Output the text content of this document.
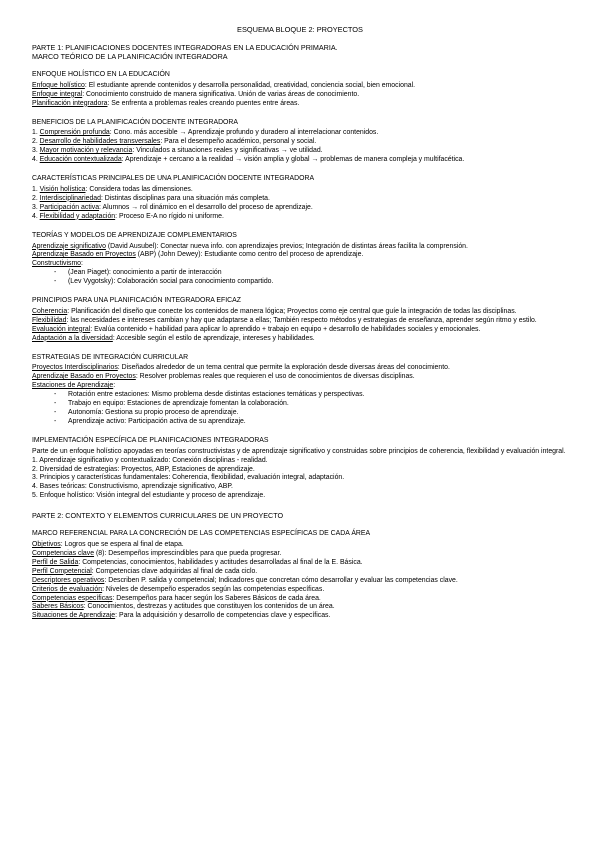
ESQUEMA BLOQUE 2: PROYECTOS

PARTE 1: PLANIFICACIONES DOCENTES INTEGRADORAS EN LA EDUCACIÓN PRIMARIA.

MARCO TEÓRICO DE LA PLANIFICACIÓN INTEGRADORA

ENFOQUE HOLÍSTICO EN LA EDUCACIÓN

Enfoque holístico: El estudiante aprende contenidos y desarrolla personalidad, creatividad, conciencia social, bien emocional.

Enfoque integral: Conocimiento construido de manera significativa. Unión de varias áreas de conocimiento.

Planificación integradora: Se enfrenta a problemas reales creando puentes entre áreas.

BENEFICIOS DE LA PLANIFICACIÓN DOCENTE INTEGRADORA

1. Comprensión profunda: Cono. más accesible → Aprendizaje profundo y duradero al interrelacionar contenidos.

2. Desarrollo de habilidades transversales: Para el desempeño académico, personal y social.

3. Mayor motivación y relevancia: Vinculados a situaciones reales y significativas → ve utilidad.

4. Educación contextualizada: Aprendizaje + cercano a la realidad → visión amplia y global → problemas de manera compleja y multifacética.

CARACTERÍSTICAS PRINCIPALES DE UNA PLANIFICACIÓN DOCENTE INTEGRADORA

1. Visión holística: Considera todas las dimensiones.

2. Interdisciplinariedad: Distintas disciplinas para una situación más completa.

3. Participación activa: Alumnos → rol dinámico en el desarrollo del proceso de aprendizaje.

4. Flexibilidad y adaptación: Proceso E-A no rígido ni uniforme.

TEORÍAS Y MODELOS DE APRENDIZAJE COMPLEMENTARIOS

Aprendizaje significativo (David Ausubel): Conectar nueva info. con aprendizajes previos; Integración de distintas áreas facilita la comprensión.

Aprendizaje Basado en Proyectos (ABP) (John Dewey): Estudiante como centro del proceso de aprendizaje.

Constructivismo:

- (Jean Piaget): conocimiento a partir de interacción

- (Lev Vygotsky): Colaboración social para conocimiento compartido.

PRINCIPIOS PARA UNA PLANIFICACIÓN INTEGRADORA EFICAZ

Coherencia: Planificación del diseño que conecte los contenidos de manera lógica; Proyectos como eje central que guíe la integración de todas las disciplinas.

Flexibilidad: las necesidades e intereses cambian y hay que adaptarse a ellas; También respecto métodos y estrategias de enseñanza, aprender según ritmo y estilo.

Evaluación integral: Evalúa contenido + habilidad para aplicar lo aprendido + trabajo en equipo + desarrollo de habilidades sociales y emocionales.

Adaptación a la diversidad: Accesible según el estilo de aprendizaje, intereses y habilidades.

ESTRATEGIAS DE INTEGRACIÓN CURRICULAR

Proyectos Interdisciplinarios: Diseñados alrededor de un tema central que permite la exploración desde diversas áreas del conocimiento.

Aprendizaje Basado en Proyectos: Resolver problemas reales que requieren el uso de conocimientos de diversas disciplinas.

Estaciones de Aprendizaje:

- Rotación entre estaciones: Mismo problema desde distintas estaciones temáticas y perspectivas.

- Trabajo en equipo: Estaciones de aprendizaje fomentan la colaboración.

- Autonomía: Gestiona su propio proceso de aprendizaje.

- Aprendizaje activo: Participación activa de su aprendizaje.

IMPLEMENTACIÓN ESPECÍFICA DE PLANIFICACIONES INTEGRADORAS

Parte de un enfoque holístico apoyadas en teorías constructivistas y de aprendizaje significativo y construidas sobre principios de coherencia, flexibilidad y evaluación integral.

1. Aprendizaje significativo y contextualizado: Conexión disciplinas - realidad.

2. Diversidad de estrategias: Proyectos, ABP, Estaciones de aprendizaje.

3. Principios y características fundamentales: Coherencia, flexibilidad, evaluación integral, adaptación.

4. Bases teóricas: Constructivismo, aprendizaje significativo, ABP.

5. Enfoque holístico: Visión integral del estudiante y proceso de aprendizaje.

PARTE 2: CONTEXTO Y ELEMENTOS CURRICULARES DE UN PROYECTO

MARCO REFERENCIAL PARA LA CONCRECIÓN DE LAS COMPETENCIAS ESPECÍFICAS DE CADA ÁREA

Objetivos: Logros que se espera al final de etapa.

Competencias clave (8): Desempeños imprescindibles para que pueda progresar.

Perfil de Salida: Competencias, conocimientos, habilidades y actitudes desarrolladas al final de la E. Básica.

Perfil Competencial: Competencias clave adquiridas al final de cada ciclo.

Descriptores operativos: Describen P. salida y competencial; Indicadores que concretan cómo desarrollar y evaluar las competencias clave.

Criterios de evaluación: Niveles de desempeño esperados según las competencias específicas.

Competencias específicas: Desempeños para hacer según los Saberes Básicos de cada área.

Saberes Básicos: Conocimientos, destrezas y actitudes que constituyen los contenidos de un área.

Situaciones de Aprendizaje: Para la adquisición y desarrollo de competencias clave y específicas.
